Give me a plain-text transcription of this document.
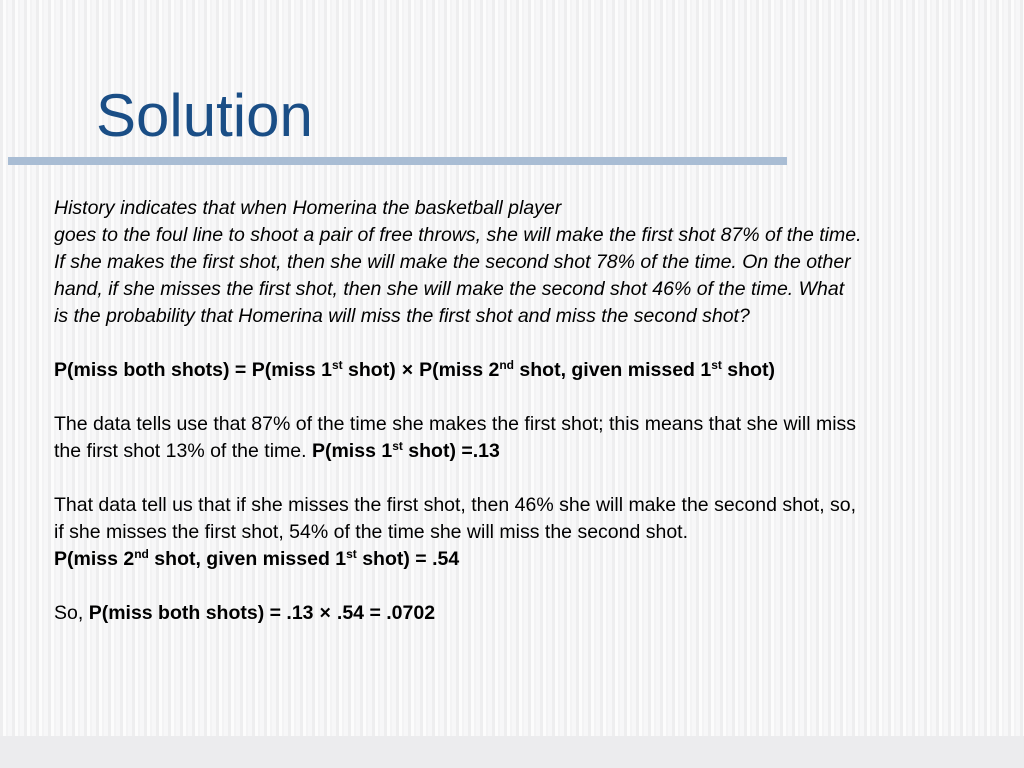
Solution

History indicates that when Homerina the basketball player
goes to the foul line to shoot a pair of free throws, she will make the first shot 87% of the time.
If she makes the first shot, then she will make the second shot 78% of the time. On the other
hand, if she misses the first shot, then she will make the second shot 46% of the time. What
is the probability that Homerina will miss the first shot and miss the second shot?

P(miss both shots) = P(miss 1st shot) × P(miss 2nd shot, given missed 1st shot)

The data tells use that 87% of the time she makes the first shot; this means that she will miss
the first shot 13% of the time. P(miss 1st shot) =.13

That data tell us that if she misses the first shot, then 46% she will make the second shot, so,
if she misses the first shot, 54% of the time she will miss the second shot.
P(miss 2nd shot, given missed 1st shot) = .54

So, P(miss both shots) = .13 × .54 = .0702
